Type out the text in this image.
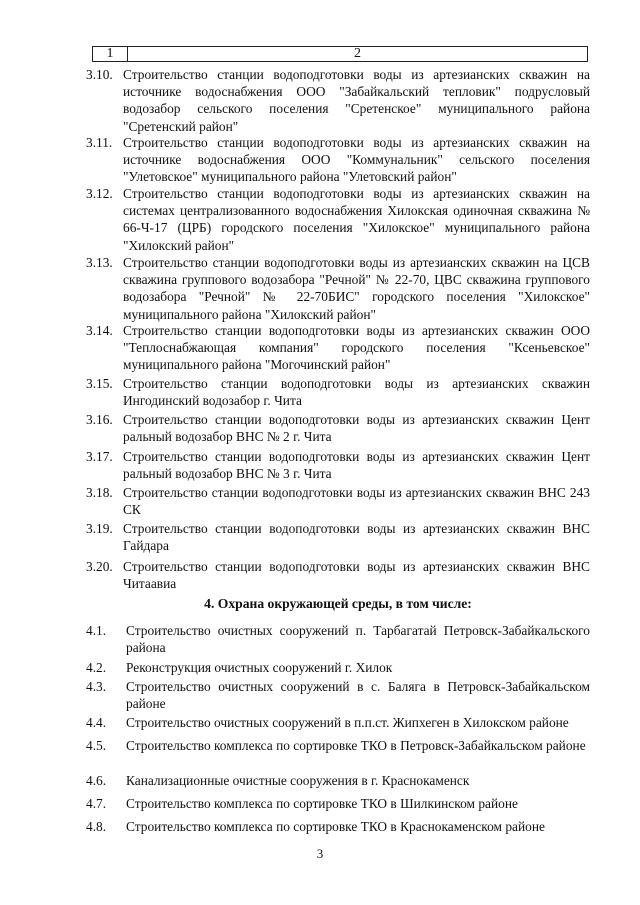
1	2
3.10. Строительство станции водоподготовки воды из артезианских скважин на источнике водоснабжения ООО "Забайкальский тепловик" подрусловый водозабор сельского поселения "Сретенское" муниципального района "Сретенский район"
3.11. Строительство станции водоподготовки воды из артезианских скважин на источнике водоснабжения ООО "Коммунальник" сельского поселения "Улетовское" муниципального района "Улетовский район"
3.12. Строительство станции водоподготовки воды из артезианских скважин на системах централизованного водоснабжения Хилокская одиночная скважина № 66-Ч-17 (ЦРБ) городского поселения "Хилокское" муниципального района "Хилокский район"
3.13. Строительство станции водоподготовки воды из артезианских скважин на ЦСВ скважина группового водозабора "Речной" № 22-70, ЦВС скважина группового водозабора "Речной" № 22-70БИС" городского поселения "Хилокское" муниципального района "Хилокский район"
3.14. Строительство станции водоподготовки воды из артезианских скважин ООО "Теплоснабжающая компания" городского поселения "Ксеньевское" муниципального района "Могочинский район"
3.15. Строительство станции водоподготовки воды из артезианских скважин Ингодинский водозабор г. Чита
3.16. Строительство станции водоподготовки воды из артезианских скважин Цент ральный водозабор ВНС № 2 г. Чита
3.17. Строительство станции водоподготовки воды из артезианских скважин Цент ральный водозабор ВНС № 3 г. Чита
3.18. Строительство станции водоподготовки воды из артезианских скважин ВНС 243 СК
3.19. Строительство станции водоподготовки воды из артезианских скважин ВНС Гайдара
3.20. Строительство станции водоподготовки воды из артезианских скважин ВНС Читаавиа
4. Охрана окружающей среды, в том числе:
4.1. Строительство очистных сооружений п. Тарбагатай Петровск-Забайкальского района
4.2. Реконструкция очистных сооружений г. Хилок
4.3. Строительство очистных сооружений в с. Баляга в Петровск-Забайкальском районе
4.4. Строительство очистных сооружений в п.п.ст. Жипхеген в Хилокском районе
4.5. Строительство комплекса по сортировке ТКО в Петровск-Забайкальском районе
4.6. Канализационные очистные сооружения в г. Краснокаменск
4.7. Строительство комплекса по сортировке ТКО в Шилкинском районе
4.8. Строительство комплекса по сортировке ТКО в Краснокаменском районе
3
